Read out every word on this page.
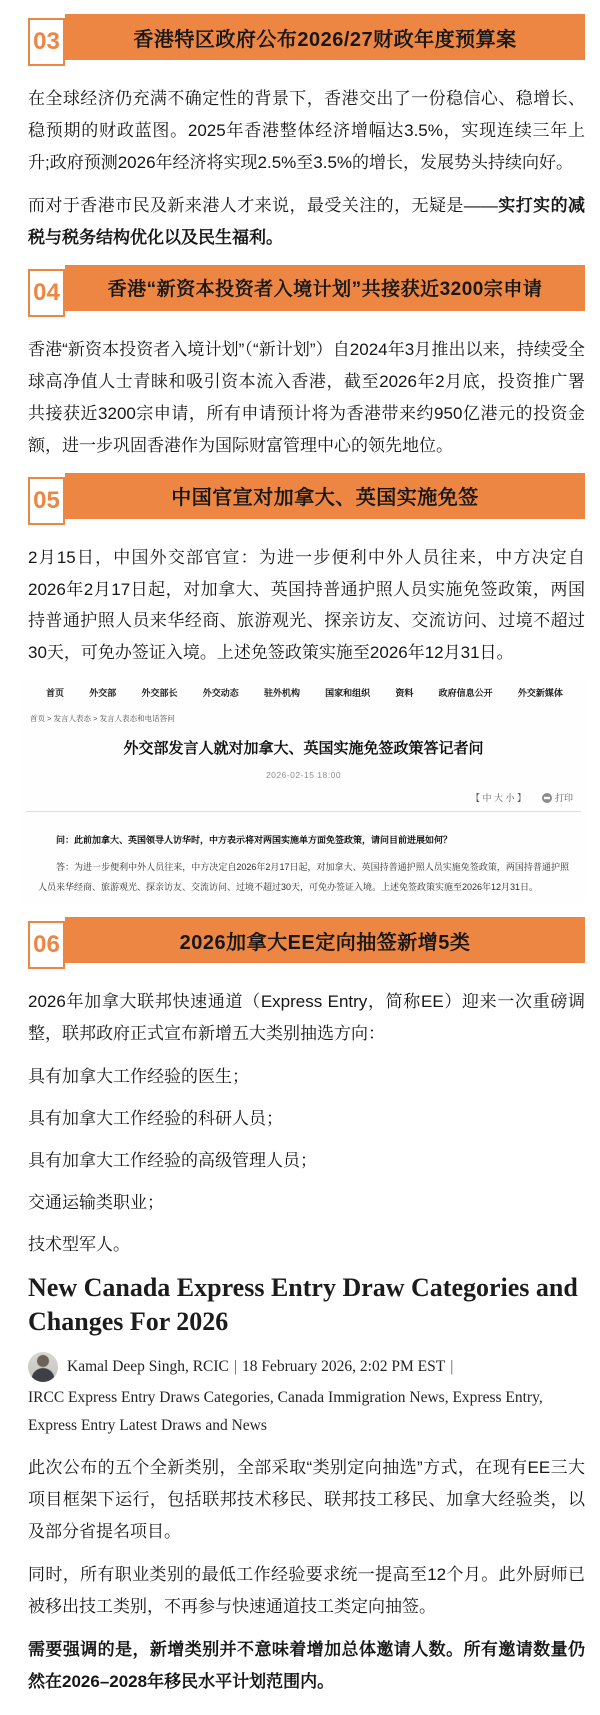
03	香港特区政府公布2026/27财政年度预算案

在全球经济仍充满不确定性的背景下，香港交出了一份稳信心、稳增长、稳预期的财政蓝图。2025年香港整体经济增幅达3.5%，实现连续三年上升;政府预测2026年经济将实现2.5%至3.5%的增长，发展势头持续向好。

而对于香港市民及新来港人才来说，最受关注的，无疑是——实打实的减税与税务结构优化以及民生福利。

04	香港“新资本投资者入境计划”共接获近3200宗申请

香港“新资本投资者入境计划”（“新计划”）自2024年3月推出以来，持续受全球高净值人士青睐和吸引资本流入香港，截至2026年2月底，投资推广署共接获近3200宗申请，所有申请预计将为香港带来约950亿港元的投资金额，进一步巩固香港作为国际财富管理中心的领先地位。

05	中国官宣对加拿大、英国实施免签

2月15日，中国外交部官宣：为进一步便利中外人员往来，中方决定自2026年2月17日起，对加拿大、英国持普通护照人员实施免签政策，两国持普通护照人员来华经商、旅游观光、探亲访友、交流访问、过境不超过30天，可免办签证入境。上述免签政策实施至2026年12月31日。

首页	外交部	外交部长	外交动态	驻外机构	国家和组织	资料	政府信息公开	外交新媒体
首页 > 发言人表态 > 发言人表态和电话答问
外交部发言人就对加拿大、英国实施免签政策答记者问
2026-02-15 18:00
【 中 大 小 】	打印

问：此前加拿大、英国领导人访华时，中方表示将对两国实施单方面免签政策，请问目前进展如何？

答：为进一步便利中外人员往来，中方决定自2026年2月17日起，对加拿大、英国持普通护照人员实施免签政策，两国持普通护照人员来华经商、旅游观光、探亲访友、交流访问、过境不超过30天，可免办签证入境。上述免签政策实施至2026年12月31日。

06	2026加拿大EE定向抽签新增5类

2026年加拿大联邦快速通道（Express Entry，简称EE）迎来一次重磅调整，联邦政府正式宣布新增五大类别抽选方向：

具有加拿大工作经验的医生；

具有加拿大工作经验的科研人员；

具有加拿大工作经验的高级管理人员；

交通运输类职业；

技术型军人。

New Canada Express Entry Draw Categories and Changes For 2026
Kamal Deep Singh, RCIC | 18 February 2026, 2:02 PM EST |
IRCC Express Entry Draws Categories, Canada Immigration News, Express Entry, Express Entry Latest Draws and News

此次公布的五个全新类别，全部采取“类别定向抽选”方式，在现有EE三大项目框架下运行，包括联邦技术移民、联邦技工移民、加拿大经验类，以及部分省提名项目。

同时，所有职业类别的最低工作经验要求统一提高至12个月。此外厨师已被移出技工类别，不再参与快速通道技工类定向抽签。

需要强调的是，新增类别并不意味着增加总体邀请人数。所有邀请数量仍然在2026–2028年移民水平计划范围内。
